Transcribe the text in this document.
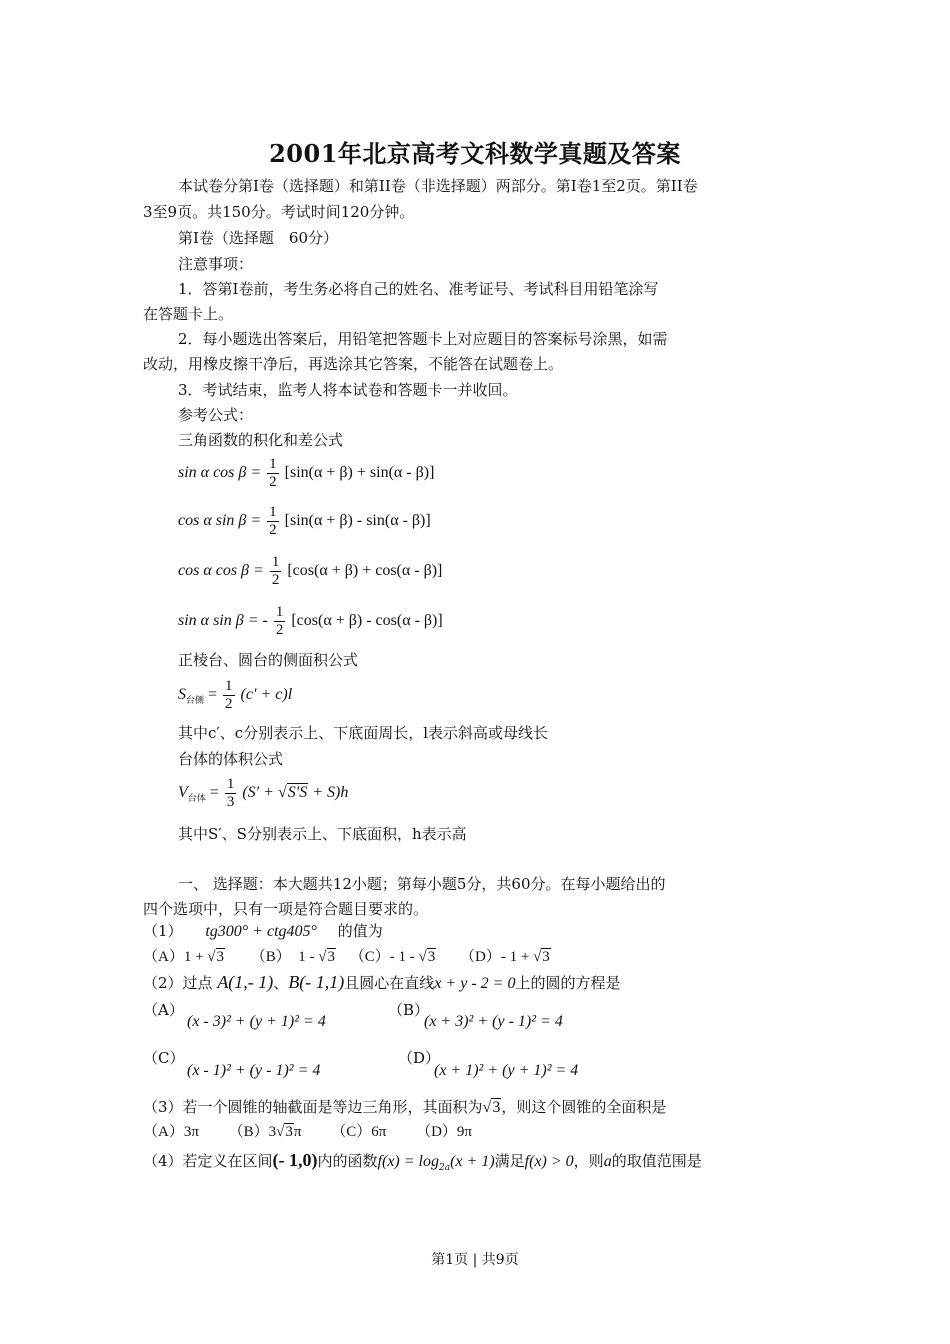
2001年北京高考文科数学真题及答案
本试卷分第I卷（选择题）和第II卷（非选择题）两部分。第I卷1至2页。第II卷
3至9页。共150分。考试时间120分钟。
第I卷（选择题　60分）
注意事项：
1．答第I卷前，考生务必将自己的姓名、准考证号、考试科目用铅笔涂写
在答题卡上。
2．每小题选出答案后，用铅笔把答题卡上对应题目的答案标号涂黑，如需
改动，用橡皮擦干净后，再选涂其它答案，不能答在试题卷上。
3．考试结束，监考人将本试卷和答题卡一并收回。
参考公式：
三角函数的积化和差公式
sin α $\cos \beta = \frac{1}{2} [\sin(\alpha + \beta) + \sin(\alpha - \beta)]$
cos α $\sin \beta = \frac{1}{2} [\sin(\alpha + \beta) - \sin(\alpha - \beta)]$
cos α $\cos \beta = \frac{1}{2} [\cos(\alpha + \beta) + \cos(\alpha - \beta)]$
sin α sin β = - $\frac{1}{2} [\cos(\alpha + \beta) - \cos(\alpha - \beta)]$
正棱台、圆台的侧面积公式
$S_{台侧} = \frac{1}{2} (c' + c)l$
其中c′、c分别表示上、下底面周长，l表示斜高或母线长
台体的体积公式
$V_{台体} = \frac{1}{3} (S' + √S'S + S)h$
其中S′、S分别表示上、下底面积，h表示高
一、 选择题：本大题共12小题；第每小题5分，共60分。在每小题给出的
四个选项中，只有一项是符合题目要求的。
（1） tg300° + ctg405° 的值为
（A）1 + √3 （B）　1 - √3 （C）- 1 - √3 （D）- 1 + √3
（2）过点 A(1,- 1)、B(- 1,1)且圆心在直线x + y - 2 = 0上的圆的方程是
（A）
(x - 3)² + (y + 1)² = 4
（B）
(x + 3)² + (y - 1)² = 4
（C）
(x - 1)² + (y - 1)² = 4
（D）
(x + 1)² + (y + 1)² = 4
（3）若一个圆锥的轴截面是等边三角形，其面积为√3，则这个圆锥的全面积是
（A）3π （B）3√3π （C）6π （D）9π
（4）若定义在区间(- 1,0)内的函数$f(x) = \log_{2a}(x + 1)$满足f(x) > 0，则a的取值范围是
第1页 | 共9页
